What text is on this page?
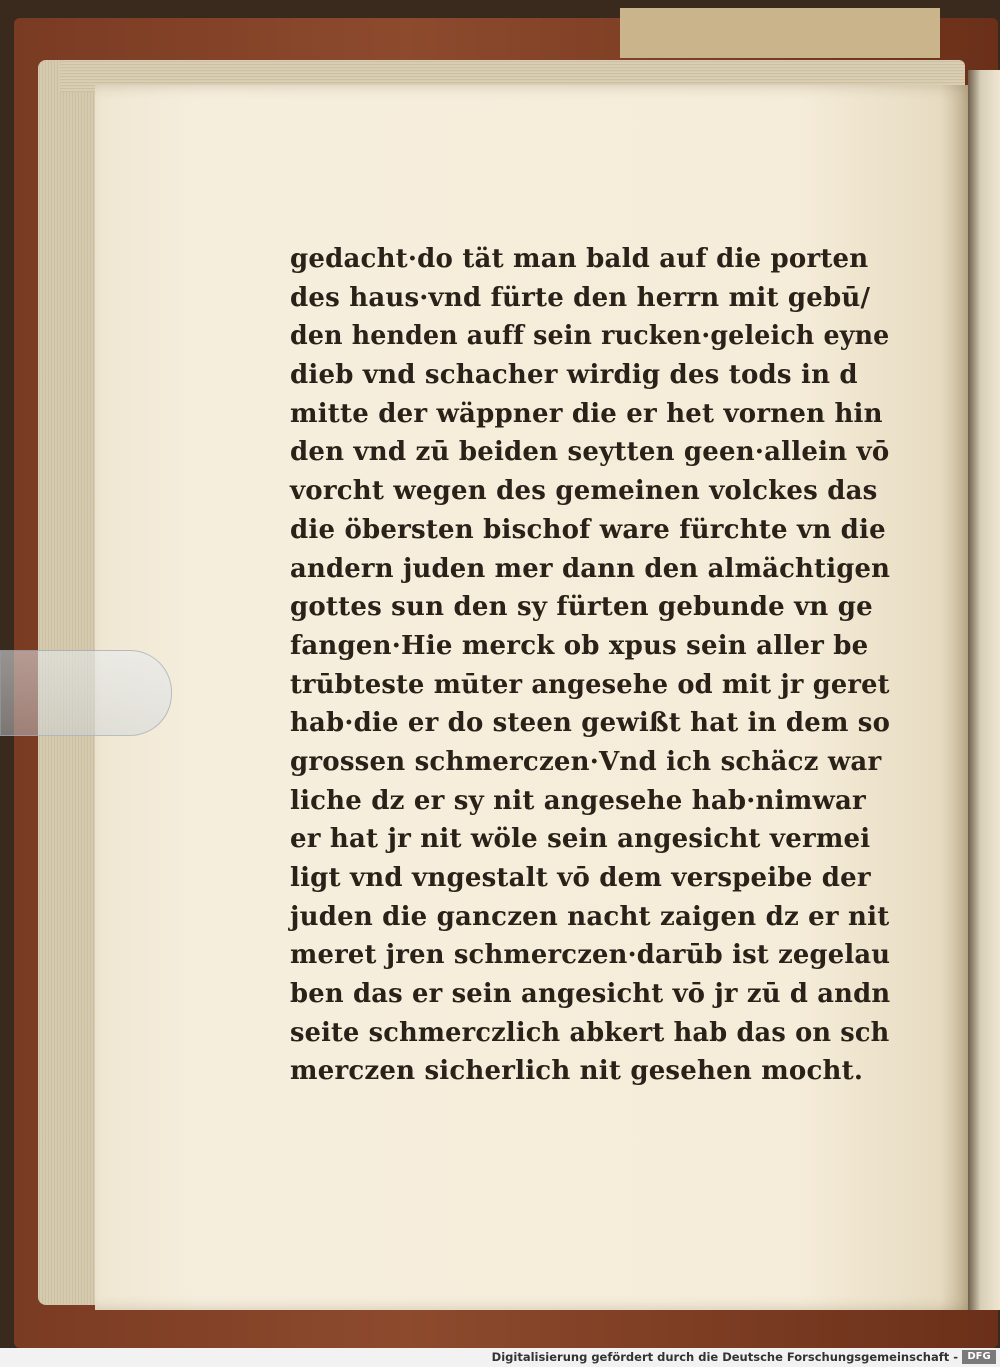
gedacht·do tät man bald auf die porten
des haus·vnd fürte den herrn mit gebū/
den henden auff sein rucken·geleich eyne
dieb vnd schacher wirdig des tods in d
mitte der wäppner die er het vornen hin
den vnd zū beiden seytten geen·allein vō
vorcht wegen des gemeinen volckes das
die öbersten bischof ware fürchte vn die
andern juden mer dann den almächtigen
gottes sun den sy fürten gebunde vn ge
fangen·Hie merck ob xpus sein aller be
trūbteste mūter angesehe od mit jr geret
hab·die er do steen gewißt hat in dem so
grossen schmerczen·Vnd ich schäcz war
liche dz er sy nit angesehe hab·nimwar
er hat jr nit wöle sein angesicht vermei
ligt vnd vngestalt vō dem verspeibe der
juden die ganczen nacht zaigen dz er nit
meret jren schmerczen·darūb ist zegelau
ben das er sein angesicht vō jr zū d andn
seite schmerczlich abkert hab das on sch
merczen sicherlich nit gesehen mocht.
Digitalisierung gefördert durch die Deutsche Forschungsgemeinschaft - DFG
